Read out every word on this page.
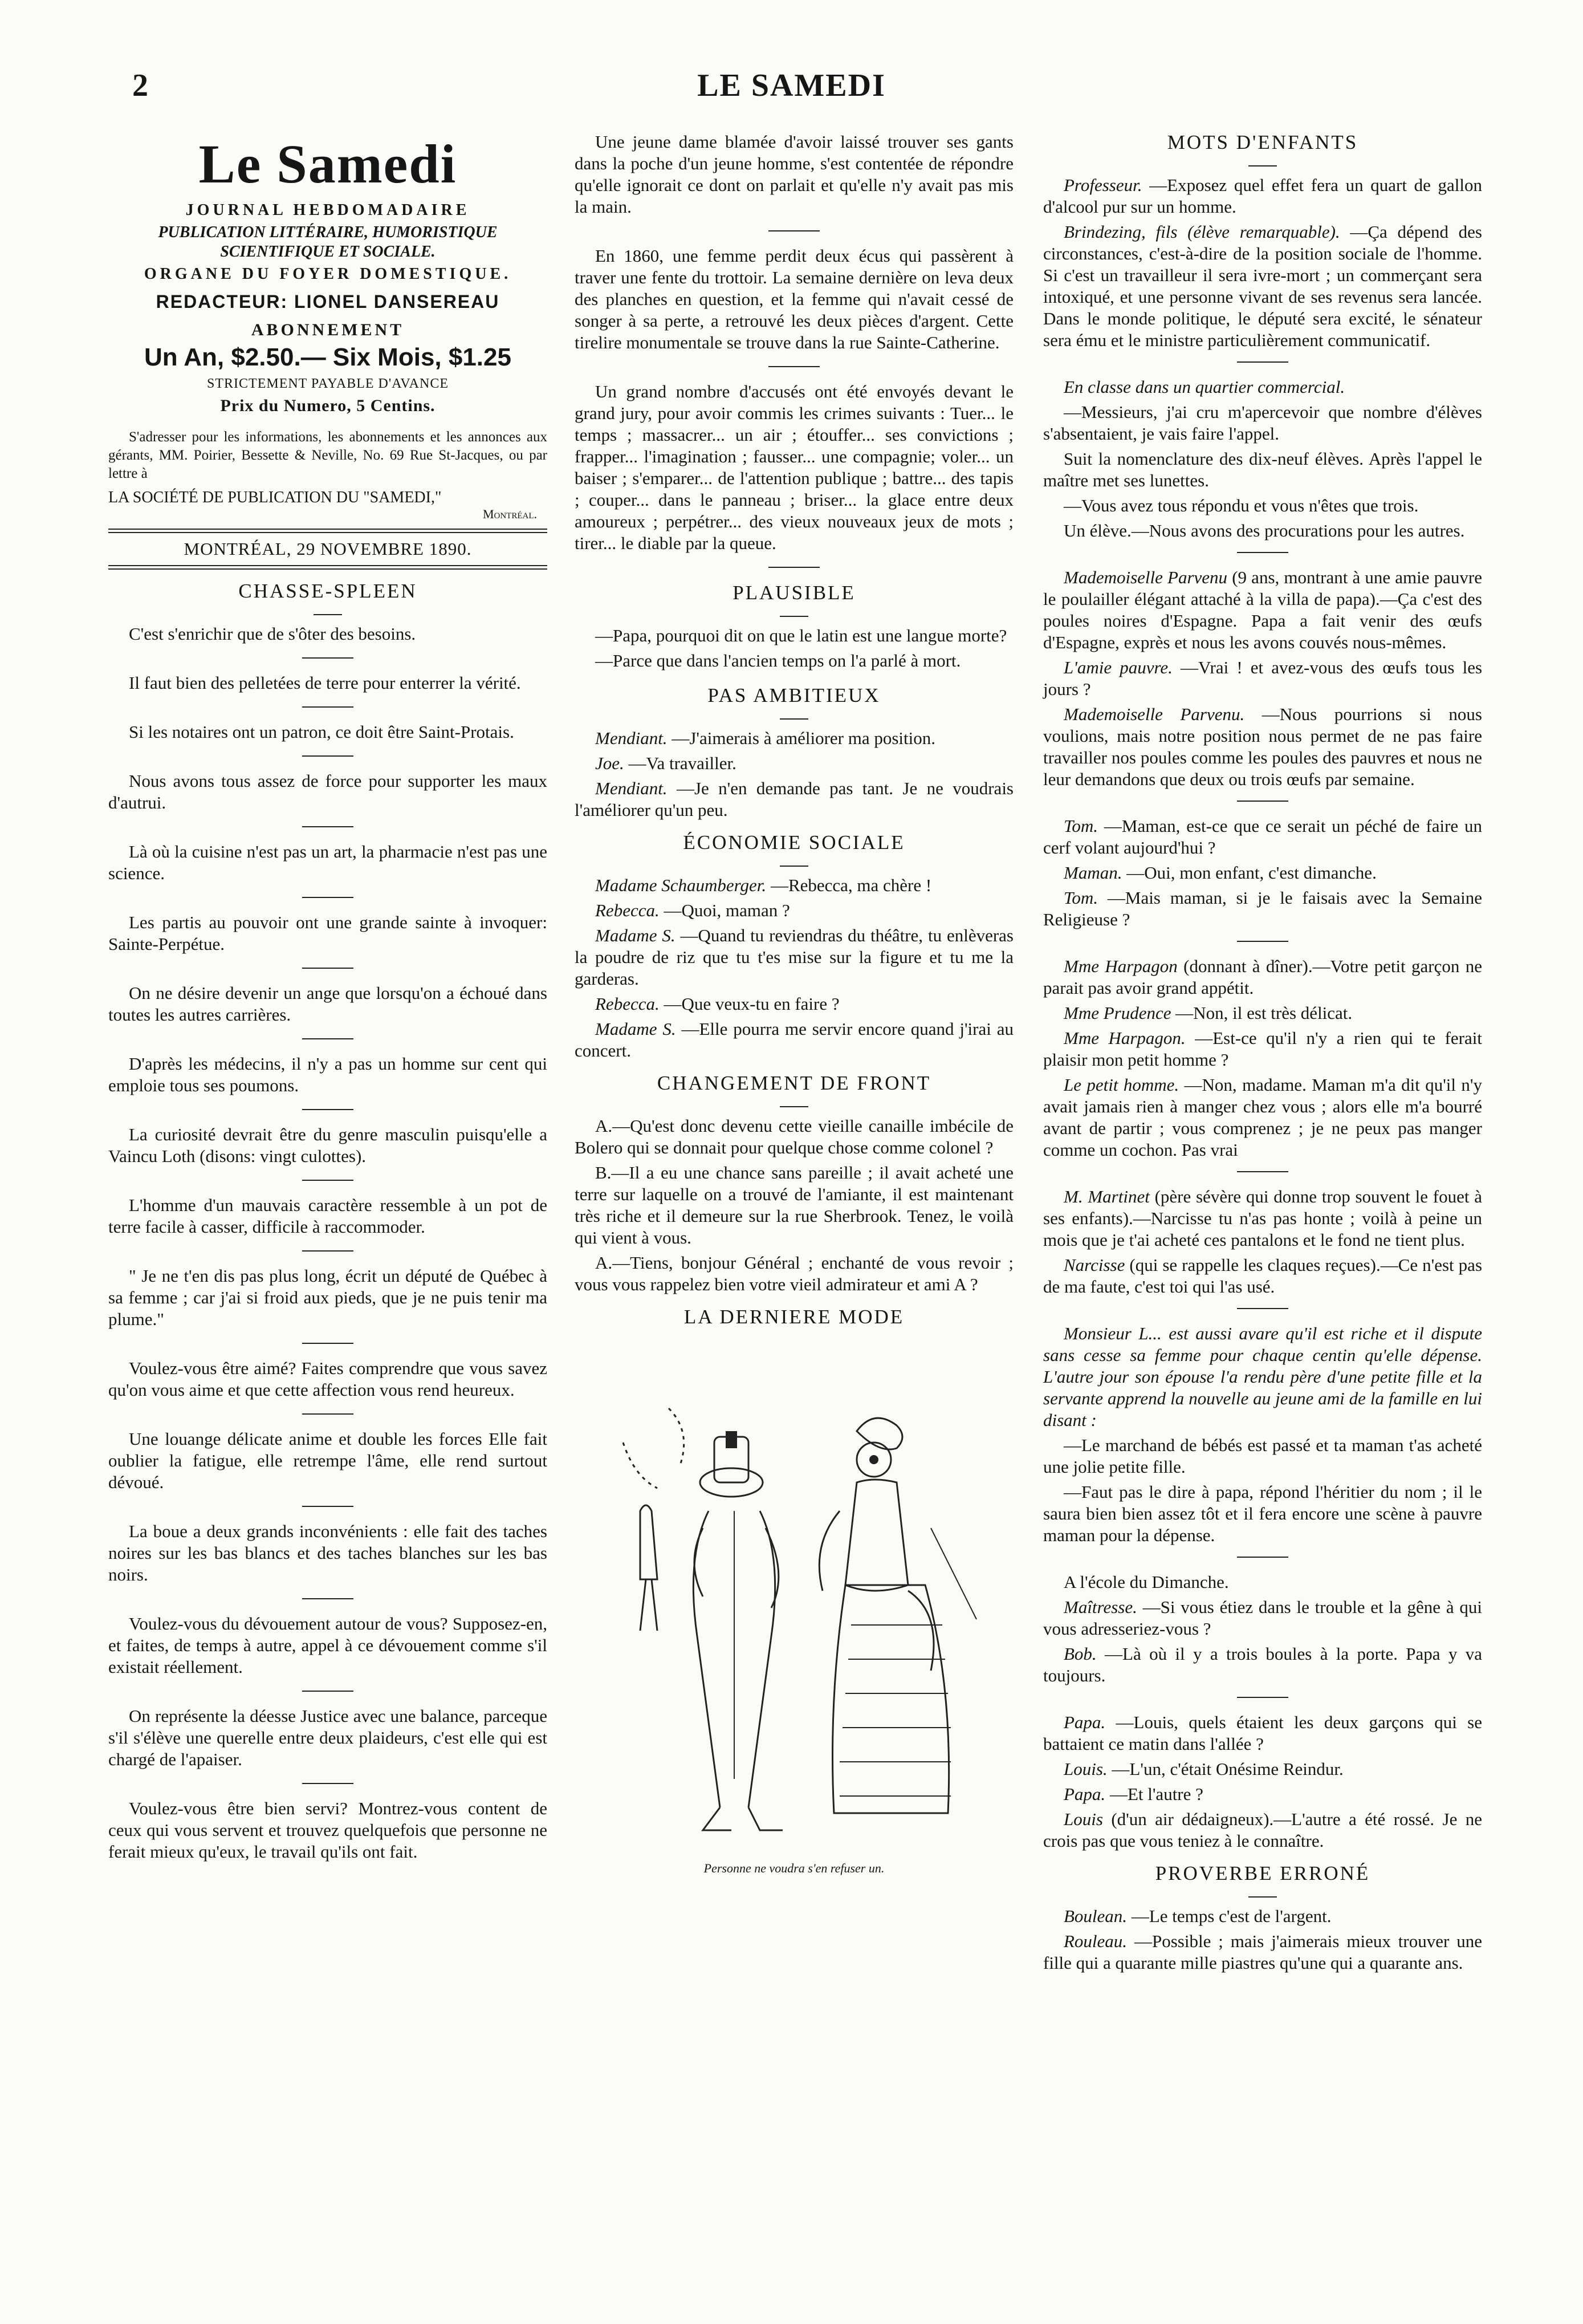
2	LE SAMEDI
Le Samedi
JOURNAL HEBDOMADAIRE
PUBLICATION LITTÉRAIRE, HUMORISTIQUE SCIENTIFIQUE ET SOCIALE.
ORGANE DU FOYER DOMESTIQUE.
REDACTEUR: LIONEL DANSEREAU
ABONNEMENT
Un An, $2.50.— Six Mois, $1.25
STRICTEMENT PAYABLE D'AVANCE
Prix du Numero, 5 Centins.

S'adresser pour les informations, les abonnements et les annonces aux gérants, MM. Poirier, Bessette & Neville, No. 69 Rue St-Jacques, ou par lettre à

LA SOCIÉTÉ DE PUBLICATION DU "SAMEDI,"
Montréal.
MONTRÉAL, 29 NOVEMBRE 1890.
CHASSE-SPLEEN

C'est s'enrichir que de s'ôter des besoins.

Il faut bien des pelletées de terre pour enterrer la vérité.

Si les notaires ont un patron, ce doit être Saint-Protais.

Nous avons tous assez de force pour supporter les maux d'autrui.

Là où la cuisine n'est pas un art, la pharmacie n'est pas une science.

Les partis au pouvoir ont une grande sainte à invoquer: Sainte-Perpétue.

On ne désire devenir un ange que lorsqu'on a échoué dans toutes les autres carrières.

D'après les médecins, il n'y a pas un homme sur cent qui emploie tous ses poumons.

La curiosité devrait être du genre masculin puisqu'elle a Vaincu Loth (disons: vingt culottes).

L'homme d'un mauvais caractère ressemble à un pot de terre facile à casser, difficile à raccommoder.

" Je ne t'en dis pas plus long, écrit un député de Québec à sa femme ; car j'ai si froid aux pieds, que je ne puis tenir ma plume."

Voulez-vous être aimé? Faites comprendre que vous savez qu'on vous aime et que cette affection vous rend heureux.

Une louange délicate anime et double les forces Elle fait oublier la fatigue, elle retrempe l'âme, elle rend surtout dévoué.

La boue a deux grands inconvénients : elle fait des taches noires sur les bas blancs et des taches blanches sur les bas noirs.

Voulez-vous du dévouement autour de vous? Supposez-en, et faites, de temps à autre, appel à ce dévouement comme s'il existait réellement.

On représente la déesse Justice avec une balance, parceque s'il s'élève une querelle entre deux plaideurs, c'est elle qui est chargé de l'apaiser.

Voulez-vous être bien servi? Montrez-vous content de ceux qui vous servent et trouvez quelquefois que personne ne ferait mieux qu'eux, le travail qu'ils ont fait.

Une jeune dame blamée d'avoir laissé trouver ses gants dans la poche d'un jeune homme, s'est contentée de répondre qu'elle ignorait ce dont on parlait et qu'elle n'y avait pas mis la main.

En 1860, une femme perdit deux écus qui passèrent à traver une fente du trottoir. La semaine dernière on leva deux des planches en question, et la femme qui n'avait cessé de songer à sa perte, a retrouvé les deux pièces d'argent. Cette tirelire monumentale se trouve dans la rue Sainte-Catherine.

Un grand nombre d'accusés ont été envoyés devant le grand jury, pour avoir commis les crimes suivants : Tuer... le temps ; massacrer... un air ; étouffer... ses convictions ; frapper... l'imagination ; fausser... une compagnie; voler... un baiser ; s'emparer... de l'attention publique ; battre... des tapis ; couper... dans le panneau ; briser... la glace entre deux amoureux ; perpétrer... des vieux nouveaux jeux de mots ; tirer... le diable par la queue.

PLAUSIBLE

—Papa, pourquoi dit on que le latin est une langue morte?

—Parce que dans l'ancien temps on l'a parlé à mort.

PAS AMBITIEUX

Mendiant. —J'aimerais à améliorer ma position.

Joe. —Va travailler.

Mendiant. —Je n'en demande pas tant. Je ne voudrais l'améliorer qu'un peu.

ÉCONOMIE SOCIALE

Madame Schaumberger. —Rebecca, ma chère !

Rebecca. —Quoi, maman ?

Madame S. —Quand tu reviendras du théâtre, tu enlèveras la poudre de riz que tu t'es mise sur la figure et tu me la garderas.

Rebecca. —Que veux-tu en faire ?

Madame S. —Elle pourra me servir encore quand j'irai au concert.

CHANGEMENT DE FRONT

A.—Qu'est donc devenu cette vieille canaille imbécile de Bolero qui se donnait pour quelque chose comme colonel ?

B.—Il a eu une chance sans pareille ; il avait acheté une terre sur laquelle on a trouvé de l'amiante, il est maintenant très riche et il demeure sur la rue Sherbrook. Tenez, le voilà qui vient à vous.

A.—Tiens, bonjour Général ; enchanté de vous revoir ; vous vous rappelez bien votre vieil admirateur et ami A ?

LA DERNIERE MODE

Personne ne voudra s'en refuser un.

MOTS D'ENFANTS

Professeur. —Exposez quel effet fera un quart de gallon d'alcool pur sur un homme.

Brindezing, fils (élève remarquable). —Ça dépend des circonstances, c'est-à-dire de la position sociale de l'homme. Si c'est un travailleur il sera ivre-mort ; un commerçant sera intoxiqué, et une personne vivant de ses revenus sera lancée. Dans le monde politique, le député sera excité, le sénateur sera ému et le ministre particulièrement communicatif.

En classe dans un quartier commercial.

—Messieurs, j'ai cru m'apercevoir que nombre d'élèves s'absentaient, je vais faire l'appel.

Suit la nomenclature des dix-neuf élèves. Après l'appel le maître met ses lunettes.

—Vous avez tous répondu et vous n'êtes que trois.

Un élève.—Nous avons des procurations pour les autres.

Mademoiselle Parvenu (9 ans, montrant à une amie pauvre le poulailler élégant attaché à la villa de papa).—Ça c'est des poules noires d'Espagne. Papa a fait venir des œufs d'Espagne, exprès et nous les avons couvés nous-mêmes.

L'amie pauvre. —Vrai ! et avez-vous des œufs tous les jours ?

Mademoiselle Parvenu. —Nous pourrions si nous voulions, mais notre position nous permet de ne pas faire travailler nos poules comme les poules des pauvres et nous ne leur demandons que deux ou trois œufs par semaine.

Tom. —Maman, est-ce que ce serait un péché de faire un cerf volant aujourd'hui ?

Maman. —Oui, mon enfant, c'est dimanche.

Tom. —Mais maman, si je le faisais avec la Semaine Religieuse ?

Mme Harpagon (donnant à dîner).—Votre petit garçon ne parait pas avoir grand appétit.

Mme Prudence —Non, il est très délicat.

Mme Harpagon. —Est-ce qu'il n'y a rien qui te ferait plaisir mon petit homme ?

Le petit homme. —Non, madame. Maman m'a dit qu'il n'y avait jamais rien à manger chez vous ; alors elle m'a bourré avant de partir ; vous comprenez ; je ne peux pas manger comme un cochon. Pas vrai

M. Martinet (père sévère qui donne trop souvent le fouet à ses enfants).—Narcisse tu n'as pas honte ; voilà à peine un mois que je t'ai acheté ces pantalons et le fond ne tient plus.

Narcisse (qui se rappelle les claques reçues).—Ce n'est pas de ma faute, c'est toi qui l'as usé.

Monsieur L... est aussi avare qu'il est riche et il dispute sans cesse sa femme pour chaque centin qu'elle dépense. L'autre jour son épouse l'a rendu père d'une petite fille et la servante apprend la nouvelle au jeune ami de la famille en lui disant :

—Le marchand de bébés est passé et ta maman t'as acheté une jolie petite fille.

—Faut pas le dire à papa, répond l'héritier du nom ; il le saura bien bien assez tôt et il fera encore une scène à pauvre maman pour la dépense.

A l'école du Dimanche.

Maîtresse. —Si vous étiez dans le trouble et la gêne à qui vous adresseriez-vous ?

Bob. —Là où il y a trois boules à la porte. Papa y va toujours.

Papa. —Louis, quels étaient les deux garçons qui se battaient ce matin dans l'allée ?

Louis. —L'un, c'était Onésime Reindur.

Papa. —Et l'autre ?

Louis (d'un air dédaigneux).—L'autre a été rossé. Je ne crois pas que vous teniez à le connaître.

PROVERBE ERRONÉ

Boulean. —Le temps c'est de l'argent.

Rouleau. —Possible ; mais j'aimerais mieux trouver une fille qui a quarante mille piastres qu'une qui a quarante ans.
